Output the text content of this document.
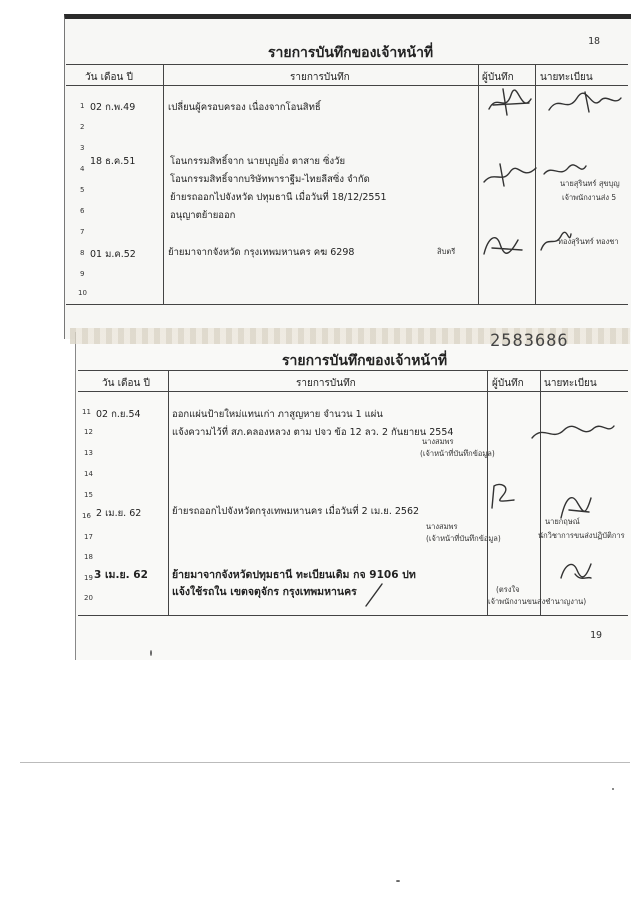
รายการบันทึกของเจ้าหน้าที่
18
วัน เดือน ปี	รายการบันทึก	ผู้บันทึก	นายทะเบียน
1
2
3
4
5
6
7
8
9
10
02 ก.พ.49	เปลี่ยนผู้ครอบครอง เนื่องจากโอนสิทธิ์
18 ธ.ค.51	โอนกรรมสิทธิ์จาก นายบุญยิ่ง ตาสาย ซิ่งวัย
โอนกรรมสิทธิ์จากบริษัทพาราฐีม-ไทยลีสซิ่ง จำกัด
ย้ายรถออกไปจังหวัด ปทุมธานี เมื่อวันที่ 18/12/2551
อนุญาตย้ายออก
01 ม.ค.52	ย้ายมาจากจังหวัด กรุงเทพมหานคร คฆ 6298
นายสุรินทร์ สุขบุญ
เจ้าพนักงานส่ง 5
สิบตรี
ทองสุรินทร์ ทองชา
2583686
รายการบันทึกของเจ้าหน้าที่
วัน เดือน ปี	รายการบันทึก	ผู้บันทึก นายทะเบียน
11
12
13
14
15
16
17
18
19
20
02 ก.ย.54	ออกแผ่นป้ายใหม่แทนเก่า ภาสูญหาย จำนวน 1 แผ่น
แจ้งความไว้ที่ สภ.คลองหลวง ตาม ปจว ข้อ 12 ลว. 2 กันยายน 2554
2 เม.ย. 62	ย้ายรถออกไปจังหวัดกรุงเทพมหานคร เมื่อวันที่ 2 เม.ย. 2562
3 เม.ย. 62 ย้ายมาจากจังหวัดปทุมธานี ทะเบียนเดิม กจ 9106 ปท
แจ้งใช้รถใน เขตจตุจักร กรุงเทพมหานคร
นางสมพร
(เจ้าหน้าที่บันทึกข้อมูล)
นางสมพร
(เจ้าหน้าที่บันทึกข้อมูล)
นายกฤษณ์
นักวิชาการขนส่งปฏิบัติการ
(ตรงใจ
เจ้าพนักงานขนส่งชำนาญงาน)
19
